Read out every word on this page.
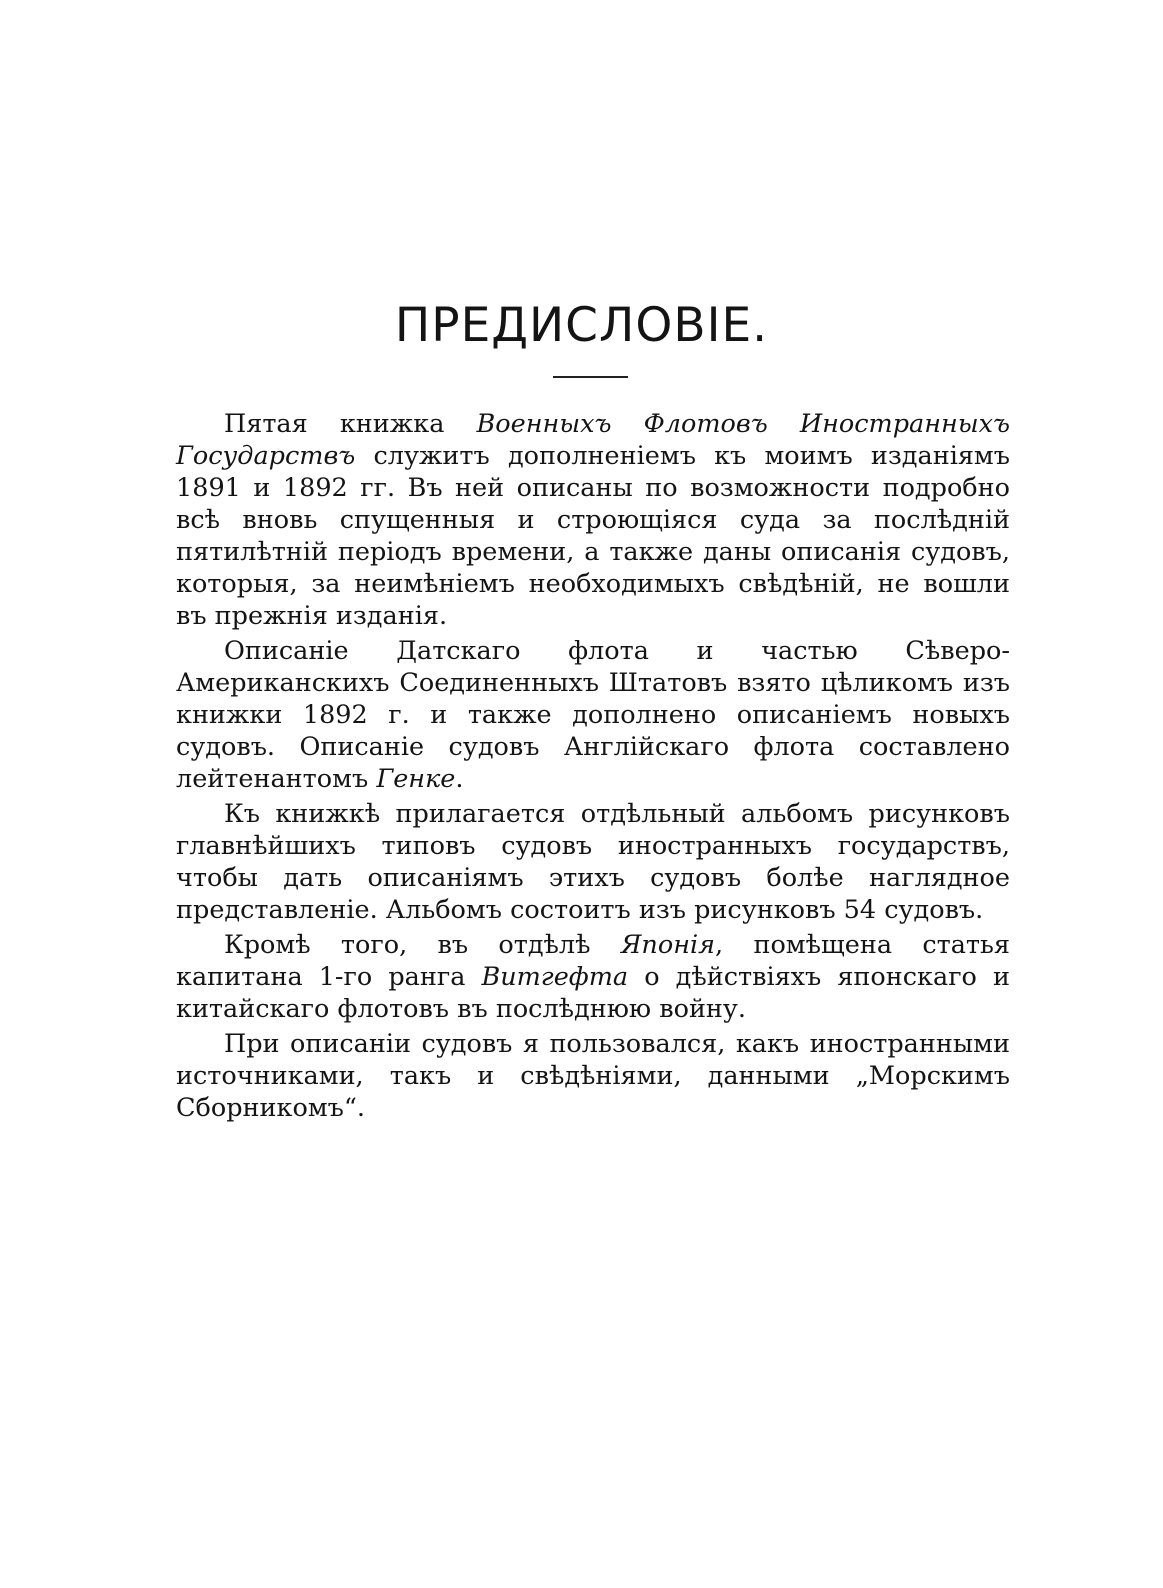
ПРЕДИСЛОВІЕ.

Пятая книжка Военныхъ Флотовъ Иностранныхъ Государствъ служитъ дополненіемъ къ моимъ изданіямъ 1891 и 1892 гг. Въ ней описаны по возможности подробно всѣ вновь спущенныя и строющіяся суда за послѣдній пятилѣтній періодъ времени, а также даны описанія судовъ, которыя, за неимѣніемъ необходимыхъ свѣдѣній, не вошли въ прежнія изданія.

Описаніе Датскаго флота и частью Сѣверо-Американскихъ Соединенныхъ Штатовъ взято цѣликомъ изъ книжки 1892 г. и также дополнено описаніемъ новыхъ судовъ. Описаніе судовъ Англійскаго флота составлено лейтенантомъ Генке.

Къ книжкѣ прилагается отдѣльный альбомъ рисунковъ главнѣйшихъ типовъ судовъ иностранныхъ государствъ, чтобы дать описаніямъ этихъ судовъ болѣе наглядное представленіе. Альбомъ состоитъ изъ рисунковъ 54 судовъ.

Кромѣ того, въ отдѣлѣ Японія, помѣщена статья капитана 1-го ранга Витгефта о дѣйствіяхъ японскаго и китайскаго флотовъ въ послѣднюю войну.

При описаніи судовъ я пользовался, какъ иностранными источниками, такъ и свѣдѣніями, данными „Морскимъ Сборникомъ“.
